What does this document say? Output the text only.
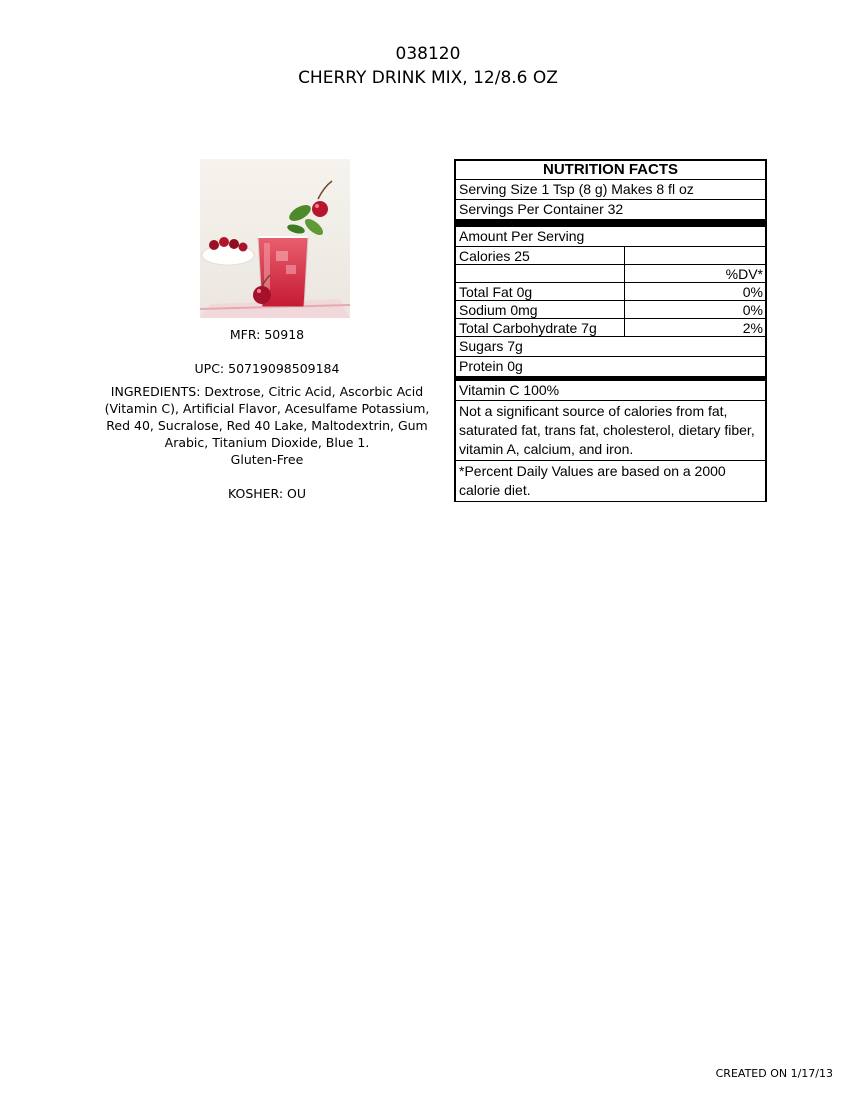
038120
CHERRY DRINK MIX, 12/8.6 OZ
MFR: 50918
UPC: 50719098509184
INGREDIENTS: Dextrose, Citric Acid, Ascorbic Acid (Vitamin C), Artificial Flavor, Acesulfame Potassium, Red 40, Sucralose, Red 40 Lake, Maltodextrin, Gum Arabic, Titanium Dioxide, Blue 1.
Gluten-Free
KOSHER: OU
NUTRITION FACTS
Serving Size 1 Tsp (8 g) Makes 8 fl oz
Servings Per Container 32
Amount Per Serving
Calories 25
%DV*
Total Fat 0g	0%
Sodium 0mg	0%
Total Carbohydrate 7g	2%
Sugars 7g
Protein 0g
Vitamin C 100%
Not a significant source of calories from fat, saturated fat, trans fat, cholesterol, dietary fiber, vitamin A, calcium, and iron.
*Percent Daily Values are based on a 2000 calorie diet.
CREATED ON 1/17/13
